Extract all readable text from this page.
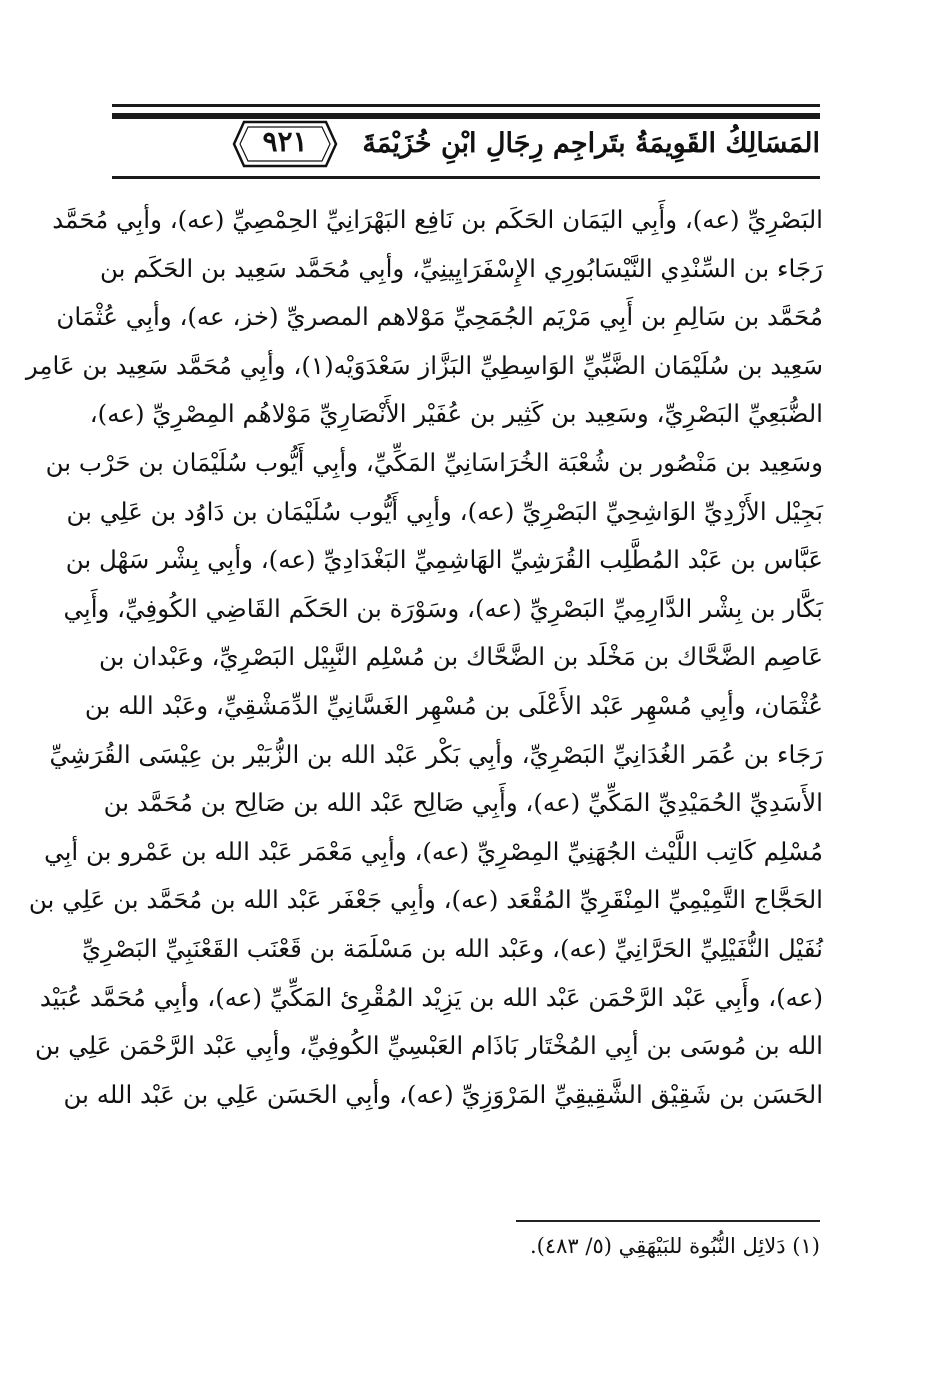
المَسَالِكُ القَوِيمَةُ بتَراجِم رِجَالِ ابْنِ خُزَيْمَةَ
٩٢١
البَصْرِيِّ (عه)، وأَبِي اليَمَان الحَكَم بن نَافِع البَهْرَانِيِّ الحِمْصِيِّ (عه)، وأبِي مُحَمَّد
رَجَاء بن السِّنْدِي النَّيْسَابُورِي الإِسْفَرَايِينِيِّ، وأبِي مُحَمَّد سَعِيد بن الحَكَم بن
مُحَمَّد بن سَالِمِ بن أَبِي مَرْيَم الجُمَحِيِّ مَوْلاهم المصريِّ (خز، عه)، وأبِي عُثْمَان
سَعِيد بن سُلَيْمَان الضَّبِّيِّ الوَاسِطِيِّ البَزَّاز سَعْدَوَيْه(١)، وأبِي مُحَمَّد سَعِيد بن عَامِر
الضُّبَعِيِّ البَصْرِيِّ، وسَعِيد بن كَثِير بن عُفَيْر الأَنْصَارِيِّ مَوْلاهُم المِصْرِيِّ (عه)،
وسَعِيد بن مَنْصُور بن شُعْبَة الخُرَاسَانِيِّ المَكِّيِّ، وأبِي أَيُّوب سُلَيْمَان بن حَرْب بن
بَجِيْل الأَزْدِيِّ الوَاشِحِيِّ البَصْرِيِّ (عه)، وأبِي أَيُّوب سُلَيْمَان بن دَاوُد بن عَلِي بن
عَبَّاس بن عَبْد المُطَّلِب القُرَشِيِّ الهَاشِمِيِّ البَغْدَادِيِّ (عه)، وأبِي بِشْر سَهْل بن
بَكَّار بن بِشْر الدَّارِمِيِّ البَصْرِيِّ (عه)، وسَوْرَة بن الحَكَم القَاضِي الكُوفِيِّ، وأَبِي
عَاصِم الضَّحَّاك بن مَخْلَد بن الضَّحَّاك بن مُسْلِم النَّبِيْل البَصْرِيِّ، وعَبْدان بن
عُثْمَان، وأبِي مُسْهِر عَبْد الأَعْلَى بن مُسْهِر الغَسَّانِيِّ الدِّمَشْقِيِّ، وعَبْد الله بن
رَجَاء بن عُمَر الغُدَانِيِّ البَصْرِيِّ، وأبِي بَكْر عَبْد الله بن الزُّبَيْر بن عِيْسَى القُرَشِيِّ
الأَسَدِيِّ الحُمَيْدِيِّ المَكِّيِّ (عه)، وأَبِي صَالِح عَبْد الله بن صَالِح بن مُحَمَّد بن
مُسْلِم كَاتِب اللَّيْث الجُهَنِيِّ المِصْرِيِّ (عه)، وأبِي مَعْمَر عَبْد الله بن عَمْرو بن أبِي
الحَجَّاج التَّمِيْمِيِّ المِنْقَرِيِّ المُقْعَد (عه)، وأبِي جَعْفَر عَبْد الله بن مُحَمَّد بن عَلِي بن
نُفَيْل النُّفَيْلِيِّ الحَرَّانِيِّ (عه)، وعَبْد الله بن مَسْلَمَة بن قَعْنَب القَعْنَبِيِّ البَصْرِيِّ
(عه)، وأَبِي عَبْد الرَّحْمَن عَبْد الله بن يَزِيْد المُقْرِئ المَكِّيِّ (عه)، وأبِي مُحَمَّد عُبَيْد
الله بن مُوسَى بن أبِي المُخْتَار بَاذَام العَبْسِيِّ الكُوفِيِّ، وأبِي عَبْد الرَّحْمَن عَلِي بن
الحَسَن بن شَقِيْق الشَّقِيقِيِّ المَرْوَزِيِّ (عه)، وأبِي الحَسَن عَلِي بن عَبْد الله بن
(١) دَلائِل النُّبُوة للبَيْهَقِي (٥/ ٤٨٣).
